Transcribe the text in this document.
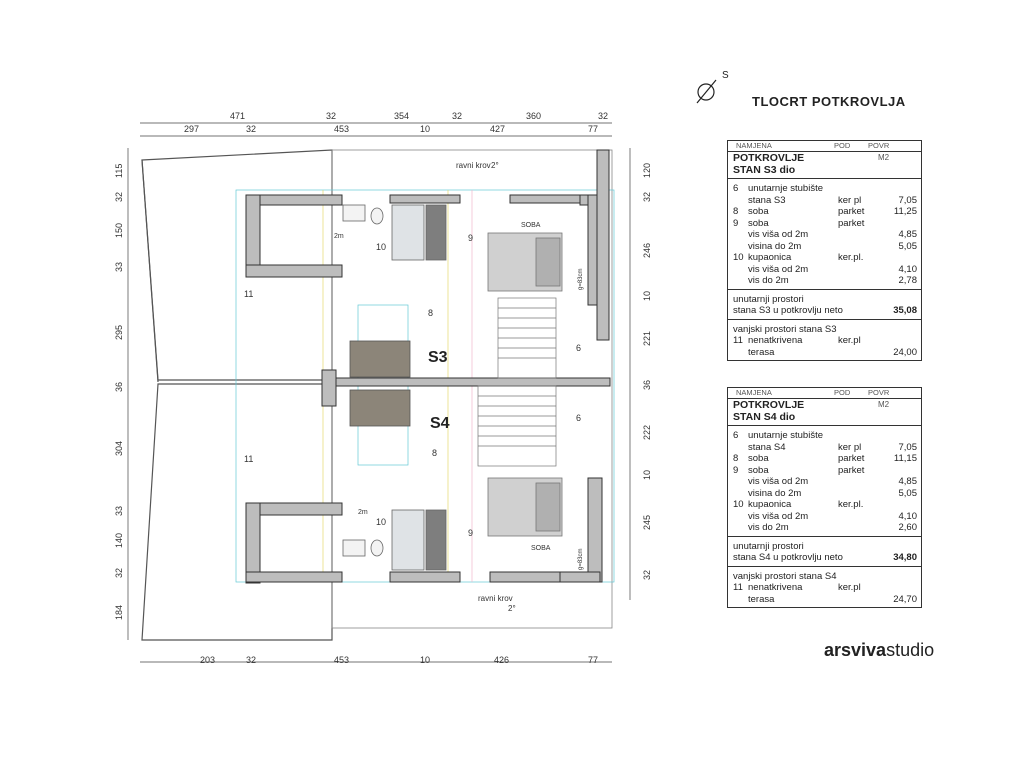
471	32	354	32	360	32
297	32	453	10	427	77
203	32	453	10	426	77
115
32
150
33
295
36
304
33
140
32
184
120
32
246
10
221
36
222
10
245
32
ravni krov 2°
ravni krov
2°
S3
S4
SOBA
SOBA
2m
2m
g=83cm
g=83cm
11
10
9
8
6
11
10
9
8
6
S
TLOCRT POTKROVLJA
NAMJENA	POD	POVR
POTKROVLJE
STAN S3 dio
M2
6 unutarnje stubište
stana S3	ker pl	7,05
8 soba	parket	11,25
9 soba	parket
vis viša od 2m	4,85
visina do 2m	5,05
10 kupaonica	ker.pl.
vis viša od 2m	4,10
vis do 2m	2,78
unutarnji prostori
stana S3 u potkrovlju neto	35,08
vanjski prostori stana S3
11 nenatkrivena	ker.pl
terasa	24,00
NAMJENA	POD	POVR
POTKROVLJE
STAN S4 dio
M2
6 unutarnje stubište
stana S4	ker pl	7,05
8 soba	parket	11,15
9 soba	parket
vis viša od 2m	4,85
visina do 2m	5,05
10 kupaonica	ker.pl.
vis viša od 2m	4,10
vis do 2m	2,60
unutarnji prostori
stana S4 u potkrovlju neto	34,80
vanjski prostori stana S4
11 nenatkrivena	ker.pl
terasa	24,70
arsvivastudio
